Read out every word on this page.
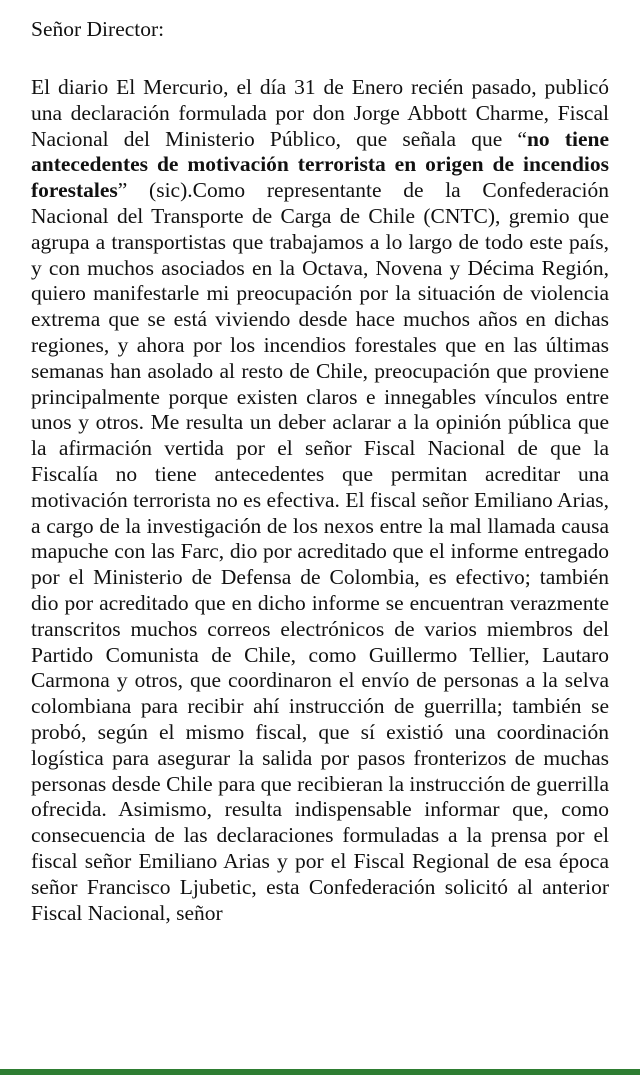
Señor Director:

El diario El Mercurio, el día 31 de Enero recién pasado, publicó una declaración formulada por don Jorge Abbott Charme, Fiscal Nacional del Ministerio Público, que señala que “no tiene antecedentes de motivación terrorista en origen de incendios forestales” (sic).Como representante de la Confederación Nacional del Transporte de Carga de Chile (CNTC), gremio que agrupa a transportistas que trabajamos a lo largo de todo este país, y con muchos asociados en la Octava, Novena y Décima Región, quiero manifestarle mi preocupación por la situación de violencia extrema que se está viviendo desde hace muchos años en dichas regiones, y ahora por los incendios forestales que en las últimas semanas han asolado al resto de Chile, preocupación que proviene principalmente porque existen claros e innegables vínculos entre unos y otros. Me resulta un deber aclarar a la opinión pública que la afirmación vertida por el señor Fiscal Nacional de que la Fiscalía no tiene antecedentes que permitan acreditar una motivación terrorista no es efectiva. El fiscal señor Emiliano Arias, a cargo de la investigación de los nexos entre la mal llamada causa mapuche con las Farc, dio por acreditado que el informe entregado por el Ministerio de Defensa de Colombia, es efectivo; también dio por acreditado que en dicho informe se encuentran verazmente transcritos muchos correos electrónicos de varios miembros del Partido Comunista de Chile, como Guillermo Tellier, Lautaro Carmona y otros, que coordinaron el envío de personas a la selva colombiana para recibir ahí instrucción de guerrilla; también se probó, según el mismo fiscal, que sí existió una coordinación logística para asegurar la salida por pasos fronterizos de muchas personas desde Chile para que recibieran la instrucción de guerrilla ofrecida. Asimismo, resulta indispensable informar que, como consecuencia de las declaraciones formuladas a la prensa por el fiscal señor Emiliano Arias y por el Fiscal Regional de esa época señor Francisco Ljubetic, esta Confederación solicitó al anterior Fiscal Nacional, señor
